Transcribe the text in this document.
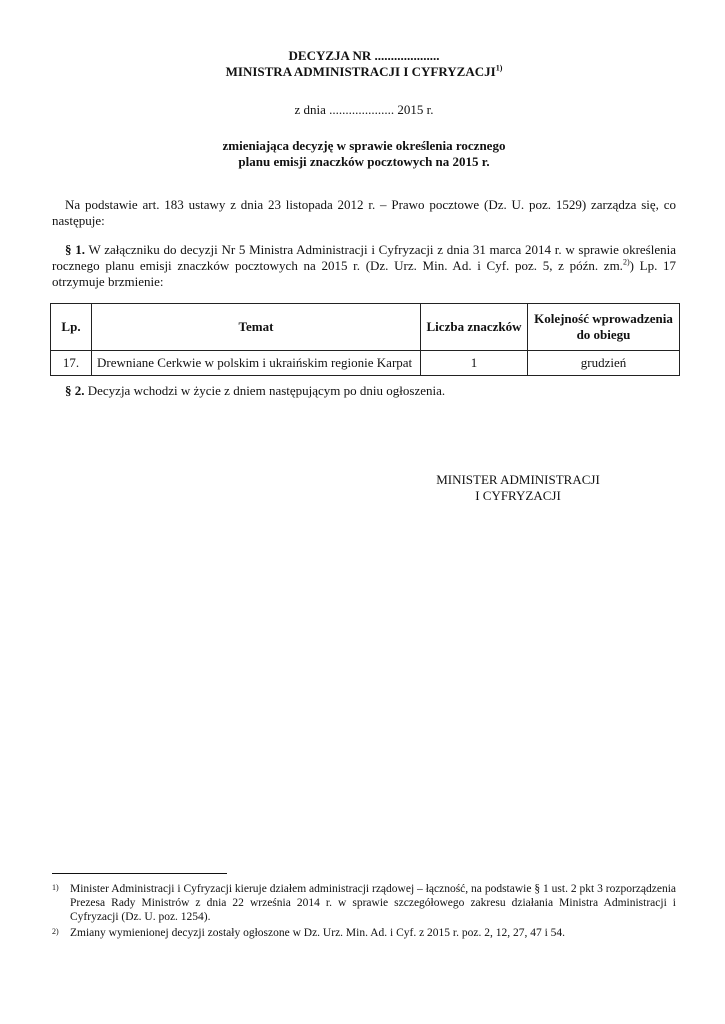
DECYZJA NR ....................
MINISTRA ADMINISTRACJI I CYFRYZACJI$^{1)}$
z dnia .................... 2015 r.
zmieniająca decyzję w sprawie określenia rocznego
planu emisji znaczków pocztowych na 2015 r.

Na podstawie art. 183 ustawy z dnia 23 listopada 2012 r. – Prawo pocztowe (Dz. U. poz. 1529) zarządza się, co następuje:

§ 1. W załączniku do decyzji Nr 5 Ministra Administracji i Cyfryzacji z dnia 31 marca 2014 r. w sprawie określenia rocznego planu emisji znaczków pocztowych na 2015 r. (Dz. Urz. Min. Ad. i Cyf. poz. 5, z późn. zm.$^{2)}$) Lp. 17 otrzymuje brzmienie:

Lp.	Temat	Liczba znaczków	Kolejność wprowadzenia do obiegu
17.	Drewniane Cerkwie w polskim i ukraińskim regionie Karpat	1	grudzień

§ 2. Decyzja wchodzi w życie z dniem następującym po dniu ogłoszenia.

MINISTER ADMINISTRACJI
I CYFRYZACJI
1) Minister Administracji i Cyfryzacji kieruje działem administracji rządowej – łączność, na podstawie § 1 ust. 2 pkt 3 rozporządzenia Prezesa Rady Ministrów z dnia 22 września 2014 r. w sprawie szczegółowego zakresu działania Ministra Administracji i Cyfryzacji (Dz. U. poz. 1254).
2) Zmiany wymienionej decyzji zostały ogłoszone w Dz. Urz. Min. Ad. i Cyf. z 2015 r. poz. 2, 12, 27, 47 i 54.
